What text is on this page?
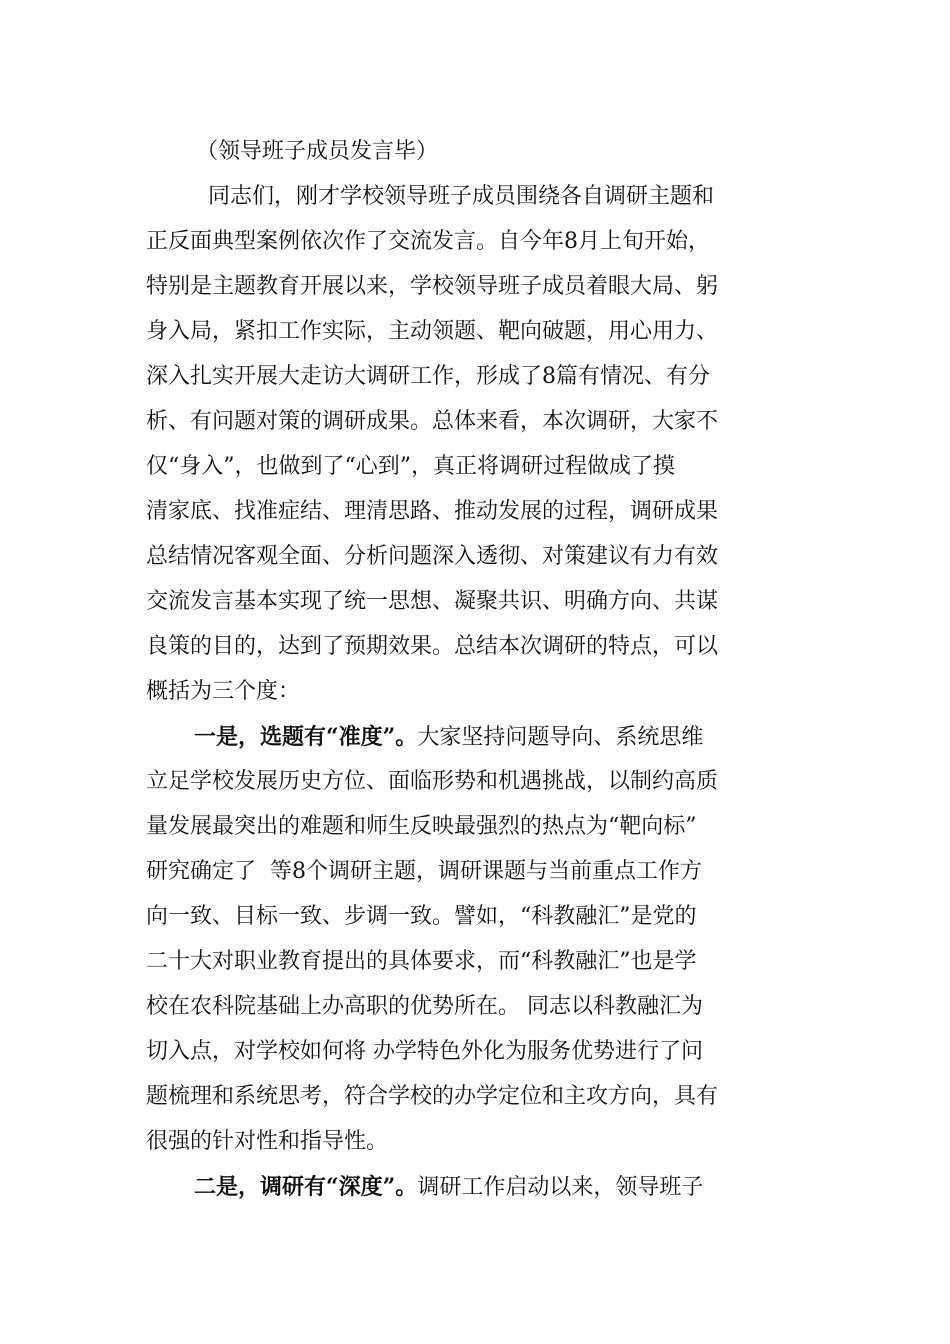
（领导班子成员发言毕）
同志们，刚才学校领导班子成员围绕各自调研主题和
正反面典型案例依次作了交流发言。自今年8月上旬开始，
特别是主题教育开展以来，学校领导班子成员着眼大局、躬
身入局，紧扣工作实际，主动领题、靶向破题，用心用力、
深入扎实开展大走访大调研工作，形成了8篇有情况、有分
析、有问题对策的调研成果。总体来看，本次调研，大家不
仅“身入”，也做到了“心到”，真正将调研过程做成了摸
清家底、找准症结、理清思路、推动发展的过程，调研成果
总结情况客观全面、分析问题深入透彻、对策建议有力有效
交流发言基本实现了统一思想、凝聚共识、明确方向、共谋
良策的目的，达到了预期效果。总结本次调研的特点，可以
概括为三个度：
一是，选题有“准度”。大家坚持问题导向、系统思维
立足学校发展历史方位、面临形势和机遇挑战，以制约高质
量发展最突出的难题和师生反映最强烈的热点为“靶向标”
研究确定了  等8个调研主题，调研课题与当前重点工作方
向一致、目标一致、步调一致。譬如，“科教融汇”是党的
二十大对职业教育提出的具体要求，而“科教融汇”也是学
校在农科院基础上办高职的优势所在。 同志以科教融汇为
切入点，对学校如何将 办学特色外化为服务优势进行了问
题梳理和系统思考，符合学校的办学定位和主攻方向，具有
很强的针对性和指导性。
二是，调研有“深度”。调研工作启动以来，领导班子
